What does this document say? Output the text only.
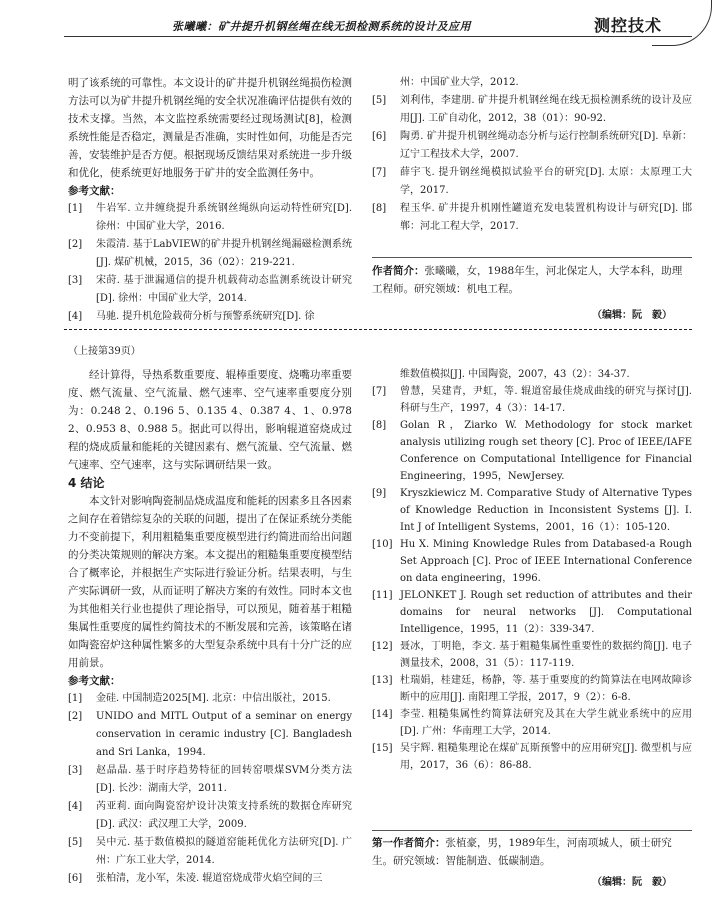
张曦曦：矿井提升机钢丝绳在线无损检测系统的设计及应用	测控技术

明了该系统的可靠性。本文设计的矿井提升机钢丝绳损伤检测方法可以为矿井提升机钢丝绳的安全状况准确评估提供有效的技术支撑。当然，本文监控系统需要经过现场测试[8]，检测系统性能是否稳定，测量是否准确，实时性如何，功能是否完善，安装维护是否方便。根据现场反馈结果对系统进一步升级和优化，使系统更好地服务于矿井的安全监测任务中。

参考文献：
[1]	牛岩军. 立井缠绕提升系统钢丝绳纵向运动特性研究[D]. 徐州：中国矿业大学，2016.
[2]	朱霞清. 基于LabVIEW的矿井提升机钢丝绳漏磁检测系统[J]. 煤矿机械，2015，36（02）：219-221.
[3]	宋莳. 基于泄漏通信的提升机载荷动态监测系统设计研究[D]. 徐州：中国矿业大学，2014.
[4]	马驰. 提升机危险载荷分析与预警系统研究[D]. 徐
州：中国矿业大学，2012.
[5]	刘利伟，李建朋. 矿井提升机钢丝绳在线无损检测系统的设计及应用[J]. 工矿自动化，2012，38（01）：90-92.
[6]	陶勇. 矿井提升机钢丝绳动态分析与运行控制系统研究[D]. 阜新：辽宁工程技术大学，2007.
[7]	薛宇飞. 提升钢丝绳模拟试验平台的研究[D]. 太原：太原理工大学，2017.
[8]	程玉华. 矿井提升机刚性罐道充发电装置机构设计与研究[D]. 邯郸：河北工程大学，2017.
作者简介：张曦曦，女，1988年生，河北保定人，大学本科，助理工程师。研究领域：机电工程。
（编辑：阮　毅）
（上接第39页）

经计算得，导热系数重要度、辊棒重要度、烧嘴功率重要度、燃气流量、空气流量、燃气速率、空气速率重要度分别为：0.248 2、0.196 5、0.135 4、0.387 4、1、0.978 2、0.953 8、0.988 5。据此可以得出，影响辊道窑烧成过程的烧成质量和能耗的关键因素有、燃气流量、空气流量、燃气速率、空气速率，这与实际调研结果一致。

4 结论

本文针对影响陶瓷制品烧成温度和能耗的因素多且各因素之间存在着错综复杂的关联的问题，提出了在保证系统分类能力不变前提下，利用粗糙集重要度模型进行约简进而给出问题的分类决策规则的解决方案。本文提出的粗糙集重要度模型结合了概率论，并根据生产实际进行验证分析。结果表明，与生产实际调研一致，从而证明了解决方案的有效性。同时本文也为其他相关行业也提供了理论指导，可以预见，随着基于粗糙集属性重要度的属性约简技术的不断发展和完善，该策略在诸如陶瓷窑炉这种属性繁多的大型复杂系统中具有十分广泛的应用前景。

参考文献：
[1]	金硅. 中国制造2025[M]. 北京：中信出版社，2015.
[2]	UNIDO and MITL Output of a seminar on energy conservation in ceramic industry [C]. Bangladesh and Sri Lanka，1994.
[3]	赵晶晶. 基于时序趋势特征的回转窑喂煤SVM分类方法[D]. 长沙：湖南大学，2011.
[4]	芮亚莉. 面向陶瓷窑炉设计决策支持系统的数据仓库研究[D]. 武汉：武汉理工大学，2009.
[5]	吴中元. 基于数值模拟的隧道窑能耗优化方法研究[D]. 广州：广东工业大学，2014.
[6]	张柏清，龙小军，朱凌. 辊道窑烧成带火焰空间的三
维数值模拟[J]. 中国陶瓷，2007，43（2）：34-37.
[7]	曾慧，吴建青，尹虹，等. 辊道窑最佳烧成曲线的研究与探讨[J]. 科研与生产，1997，4（3）：14-17.
[8]	Golan R，Ziarko W. Methodology for stock market analysis utilizing rough set theory [C]. Proc of IEEE/IAFE Conference on Computational Intelligence for Financial Engineering，1995，NewJersey.
[9]	Kryszkiewicz M. Comparative Study of Alternative Types of Knowledge Reduction in Inconsistent Systems [J]. I. Int J of Intelligent Systems，2001，16（1）：105-120.
[10] Hu X. Mining Knowledge Rules from Databased-a Rough Set Approach [C]. Proc of IEEE International Conference on data engineering，1996.
[11] JELONKET J. Rough set reduction of attributes and their domains for neural networks [J]. Computational Intelligence，1995，11（2）：339-347.
[12] 聂冰，丁明艳，李文. 基于粗糙集属性重要性的数据约简[J]. 电子测量技术，2008，31（5）：117-119.
[13] 杜瑞娟，桂建廷，杨静，等. 基于重要度的约简算法在电网故障诊断中的应用[J]. 南阳理工学报，2017，9（2）：6-8.
[14] 李莹. 粗糙集属性约简算法研究及其在大学生就业系统中的应用[D]. 广州：华南理工大学，2014.
[15] 吴宇辉. 粗糙集理论在煤矿瓦斯预警中的应用研究[J]. 微型机与应用，2017，36（6）：86-88.
第一作者简介：张植豪，男，1989年生，河南项城人，硕士研究生。研究领域：智能制造、低碳制造。
（编辑：阮　毅）
